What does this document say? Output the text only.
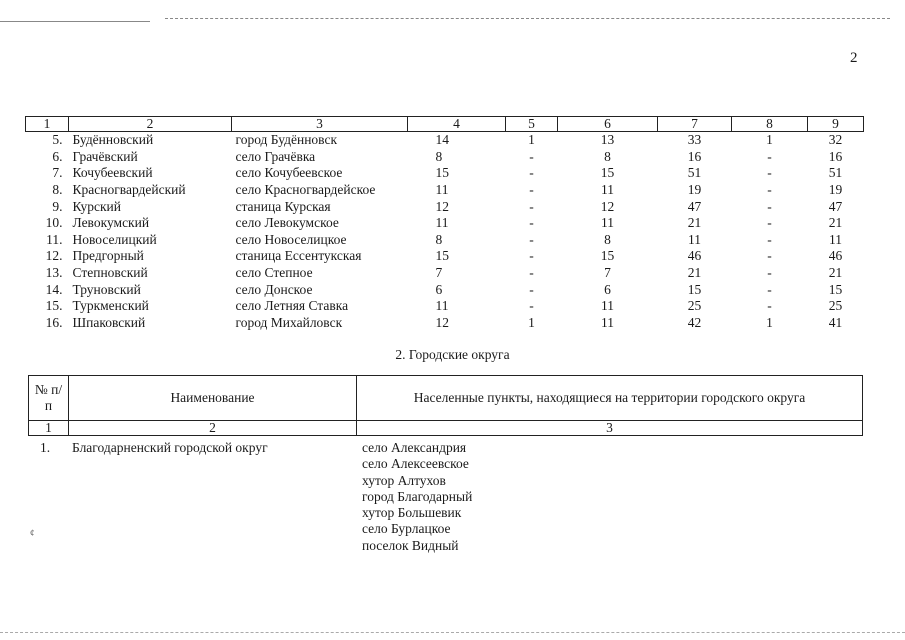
¢
2
1	2	3	4	5	6	7	8	9
5.	Будённовский	город Будённовск	14	1	13	33	1	32
6.	Грачёвский	село Грачёвка	8	-	8	16	-	16
7.	Кочубеевский	село Кочубеевское	15	-	15	51	-	51
8.	Красногвардейский	село Красногвардейское	11	-	11	19	-	19
9.	Курский	станица Курская	12	-	12	47	-	47
10.	Левокумский	село Левокумское	11	-	11	21	-	21
11.	Новоселицкий	село Новоселицкое	8	-	8	11	-	11
12.	Предгорный	станица Ессентукская	15	-	15	46	-	46
13.	Степновский	село Степное	7	-	7	21	-	21
14.	Труновский	село Донское	6	-	6	15	-	15
15.	Туркменский	село Летняя Ставка	11	-	11	25	-	25
16.	Шпаковский	город Михайловск	12	1	11	42	1	41
2. Городские округа
№ п/п	Наименование	Населенные пункты, находящиеся на территории городского округа
1	2	3
1. Благодарненский городской округ	село Александрия
село Алексеевское
хутор Алтухов
город Благодарный
хутор Большевик
село Бурлацкое
поселок Видный
